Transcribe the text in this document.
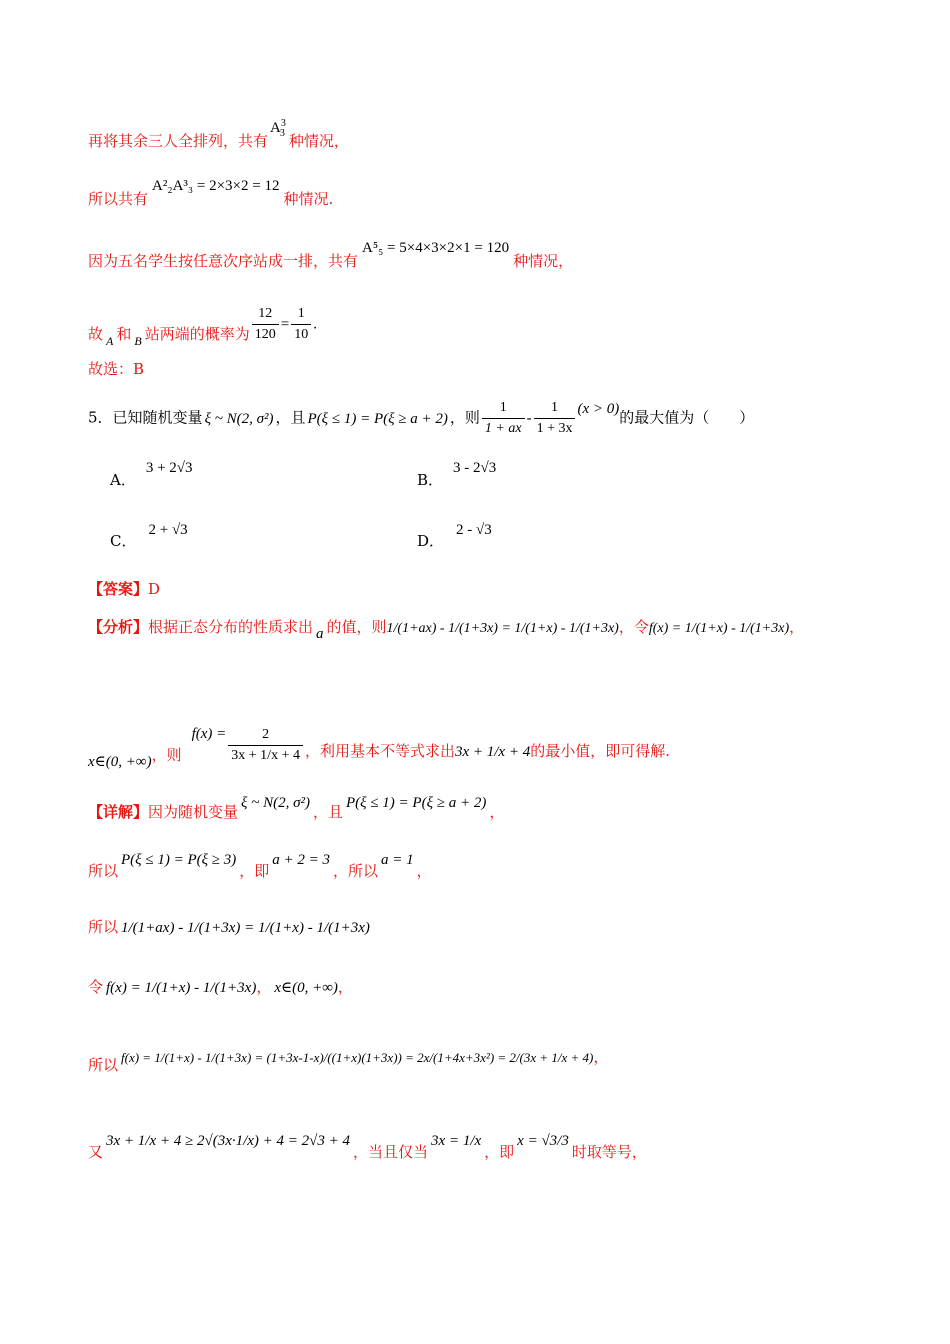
再将其余三人全排列，共有$A^3_3$ 种情况，
所以共有A²₂A³₃ = 2×3×2 = 12种情况.
因为五名学生按任意次序站成一排，共有A⁵₅ = 5×4×3×2×1 = 120种情况，
故 $_A$ 和 $_B$ 站两端的概率为 $\frac{12}{120} = \frac{1}{10}$ .
故选：B
5．已知随机变量 ξ ~ N(2, σ²) ，且 P(ξ ≤ 1) = P(ξ ≥ a + 2) ，则 $\frac{1}{1 + ax} - \frac{1}{1 + 3x} (x > 0)$的最大值为（　　）
A．3 + 2√3
B．3 - 2√3
C．2 + √3
D．2 - √3
【答案】D
【分析】根据正态分布的性质求出 a 的值，则1/(1+ax) - 1/(1+3x) = 1/(1+x) - 1/(1+3x)，令f(x) = 1/(1+x) - 1/(1+3x)，
x∈(0, +∞)，则$f(x) = \frac{2}{3x + 1/x + 4}$ ，利用基本不等式求出3x + 1/x + 4的最小值，即可得解.
【详解】因为随机变量 ξ ~ N(2, σ²) ，且 P(ξ ≤ 1) = P(ξ ≥ a + 2) ，
所以P(ξ ≤ 1) = P(ξ ≥ 3)，即a + 2 = 3，所以a = 1，
所以 1/(1+ax) - 1/(1+3x) = 1/(1+x) - 1/(1+3x)
令 f(x) = 1/(1+x) - 1/(1+3x)， x∈(0, +∞)，
所以 f(x) = 1/(1+x) - 1/(1+3x) = (1+3x-1-x)/((1+x)(1+3x)) = 2x/(1+4x+3x²) = 2/(3x + 1/x + 4)，
又3x + 1/x + 4 ≥ 2√(3x·1/x) + 4 = 2√3 + 4，当且仅当3x = 1/x，即x = √3/3时取等号，
